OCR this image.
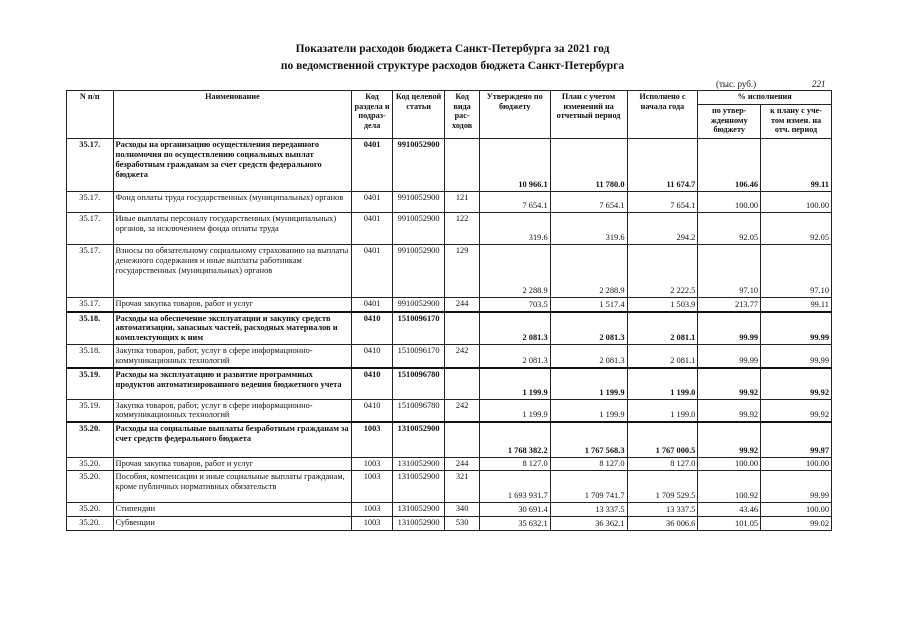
Показатели расходов бюджета Санкт-Петербурга за 2021 год
по ведомственной структуре расходов бюджета Санкт-Петербурга
(тыс. руб.)	221
N п/п	Наименование	Код раздела и подраз- дела	Код целевой статьи	Код вида рас- ходов	Утверждено по бюджету	План с учетом изменений на отчетный период	Исполнено с начала года	% исполнения	
								по утвер- жденному бюджету	к плану с уче- том измен. на отч. период
35.17.	Расходы на организацию осуществления переданного полномочия по осуществлению социальных выплат безработным гражданам за счет средств федерального бюджета	0401	9910052900		10 966.1	11 780.0	11 674.7	106.46	99.11
35.17.	Фонд оплаты труда государственных (муниципальных) органов	0401	9910052900	121	7 654.1	7 654.1	7 654.1	100.00	100.00
35.17.	Иные выплаты персоналу государственных (муниципальных) органов, за исключением фонда оплаты труда	0401	9910052900	122	319.6	319.6	294.2	92.05	92.05
35.17.	Взносы по обязательному социальному страхованию на выплаты денежного содержания и иные выплаты работникам государственных (муниципальных) органов	0401	9910052900	129	2 288.9	2 288.9	2 222.5	97.10	97.10
35.17.	Прочая закупка товаров, работ и услуг	0401	9910052900	244	703.5	1 517.4	1 503.9	213.77	99.11
35.18.	Расходы на обеспечение эксплуатации и закупку средств автоматизации, запасных частей, расходных материалов и комплектующих к ним	0410	1510096170		2 081.3	2 081.3	2 081.1	99.99	99.99
35.18.	Закупка товаров, работ, услуг в сфере информационно-коммуникационных технологий	0410	1510096170	242	2 081.3	2 081.3	2 081.1	99.99	99.99
35.19.	Расходы на эксплуатацию и развитие программных продуктов автоматизированного ведения бюджетного учета	0410	1510096780		1 199.9	1 199.9	1 199.0	99.92	99.92
35.19.	Закупка товаров, работ, услуг в сфере информационно-коммуникационных технологий	0410	1510096780	242	1 199.9	1 199.9	1 199.0	99.92	99.92
35.20.	Расходы на социальные выплаты безработным гражданам за счет средств федерального бюджета	1003	1310052900		1 768 382.2	1 767 568.3	1 767 000.5	99.92	99.97
35.20.	Прочая закупка товаров, работ и услуг	1003	1310052900	244	8 127.0	8 127.0	8 127.0	100.00	100.00
35.20.	Пособия, компенсации и иные социальные выплаты гражданам, кроме публичных нормативных обязательств	1003	1310052900	321	1 693 931.7	1 709 741.7	1 709 529.5	100.92	99.99
35.20.	Стипендии	1003	1310052900	340	30 691.4	13 337.5	13 337.5	43.46	100.00
35.20.	Субвенции	1003	1310052900	530	35 632.1	36 362.1	36 006.6	101.05	99.02
